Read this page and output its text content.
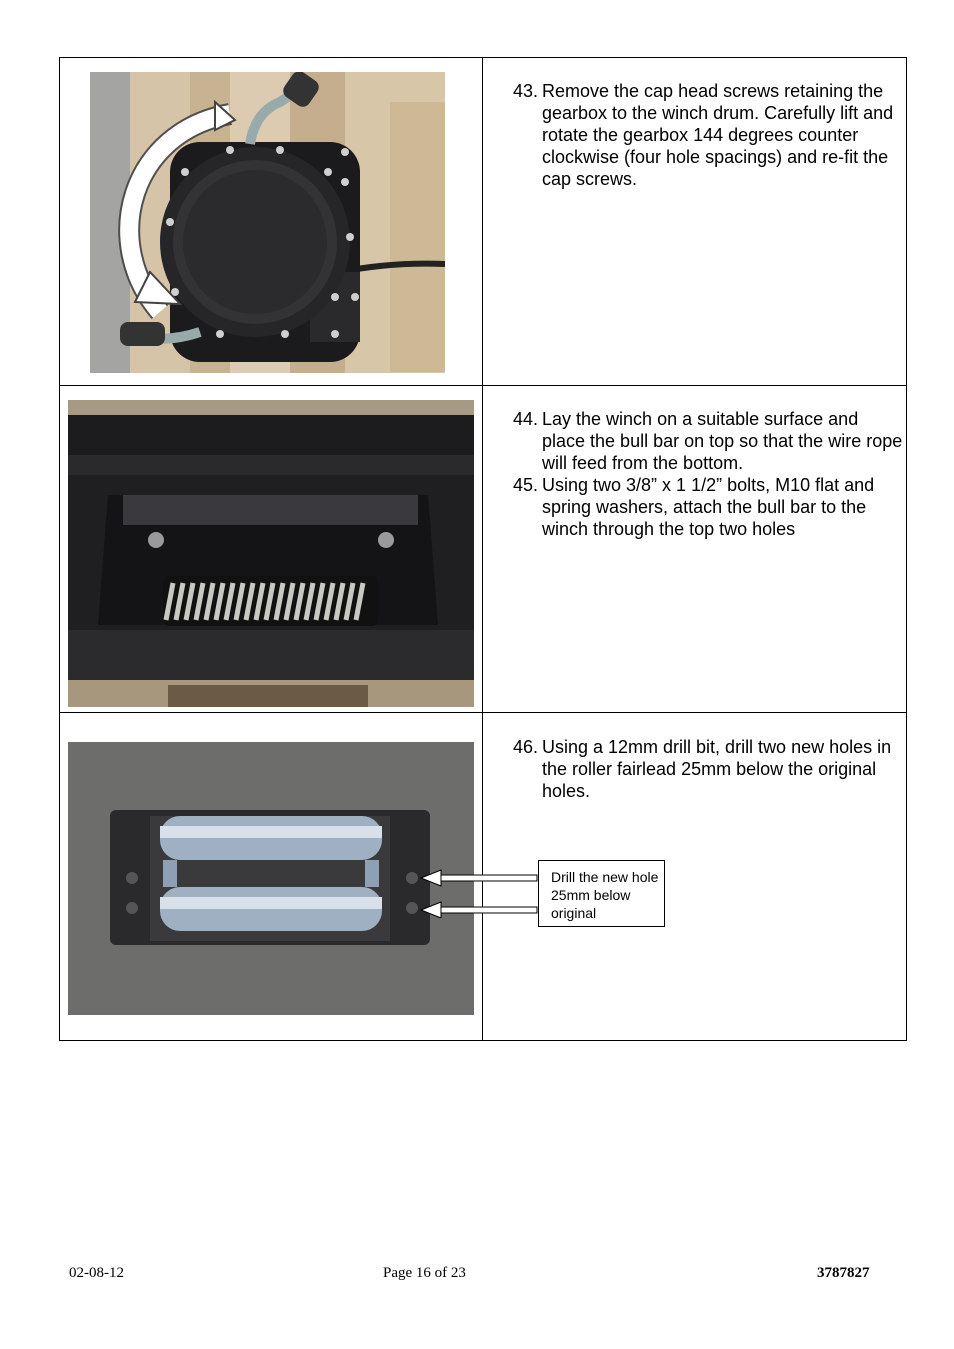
43. Remove the cap head screws retaining the gearbox to the winch drum. Carefully lift and rotate the gearbox 144 degrees counter clockwise (four hole spacings) and re-fit the cap screws.
44. Lay the winch on a suitable surface and place the bull bar on top so that the wire rope will feed from the bottom.
45. Using two 3/8” x 1 1/2” bolts, M10 flat and spring washers, attach the bull bar to the winch through the top two holes
46. Using a 12mm drill bit, drill two new holes in the roller fairlead 25mm below the original holes.
Drill the new hole 25mm below original
02-08-12	Page 16 of 23	3787827
